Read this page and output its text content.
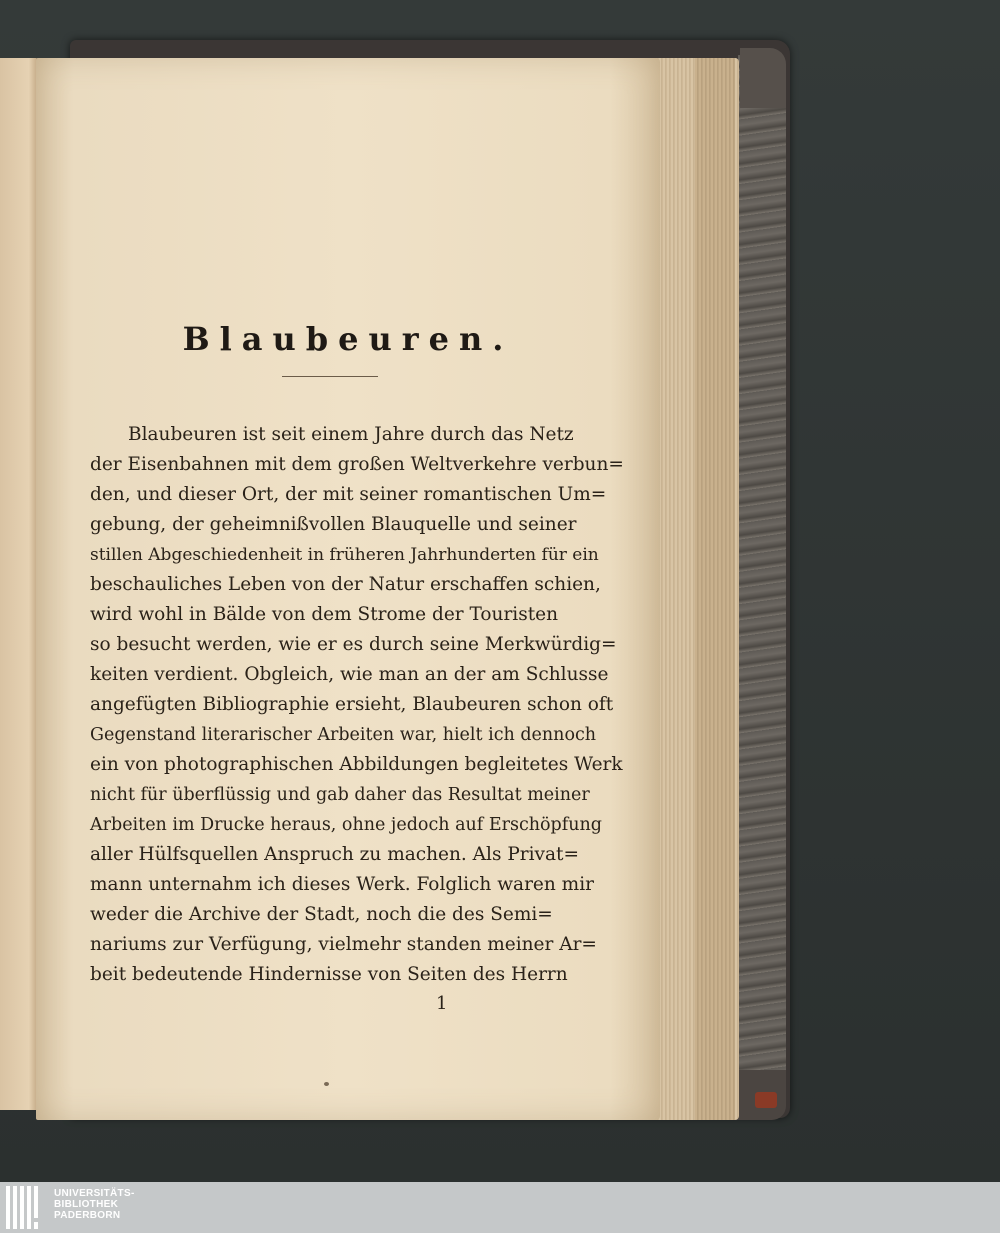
Blaubeuren.
Blaubeuren ist seit einem Jahre durch das Netz
der Eisenbahnen mit dem großen Weltverkehre verbun=
den, und dieser Ort, der mit seiner romantischen Um=
gebung, der geheimnißvollen Blauquelle und seiner
stillen Abgeschiedenheit in früheren Jahrhunderten für ein
beschauliches Leben von der Natur erschaffen schien,
wird wohl in Bälde von dem Strome der Touristen
so besucht werden, wie er es durch seine Merkwürdig=
keiten verdient. Obgleich, wie man an der am Schlusse
angefügten Bibliographie ersieht, Blaubeuren schon oft
Gegenstand literarischer Arbeiten war, hielt ich dennoch
ein von photographischen Abbildungen begleitetes Werk
nicht für überflüssig und gab daher das Resultat meiner
Arbeiten im Drucke heraus, ohne jedoch auf Erschöpfung
aller Hülfsquellen Anspruch zu machen. Als Privat=
mann unternahm ich dieses Werk. Folglich waren mir
weder die Archive der Stadt, noch die des Semi=
nariums zur Verfügung, vielmehr standen meiner Ar=
beit bedeutende Hindernisse von Seiten des Herrn
1
UNIVERSITÄTS-
BIBLIOTHEK
PADERBORN
